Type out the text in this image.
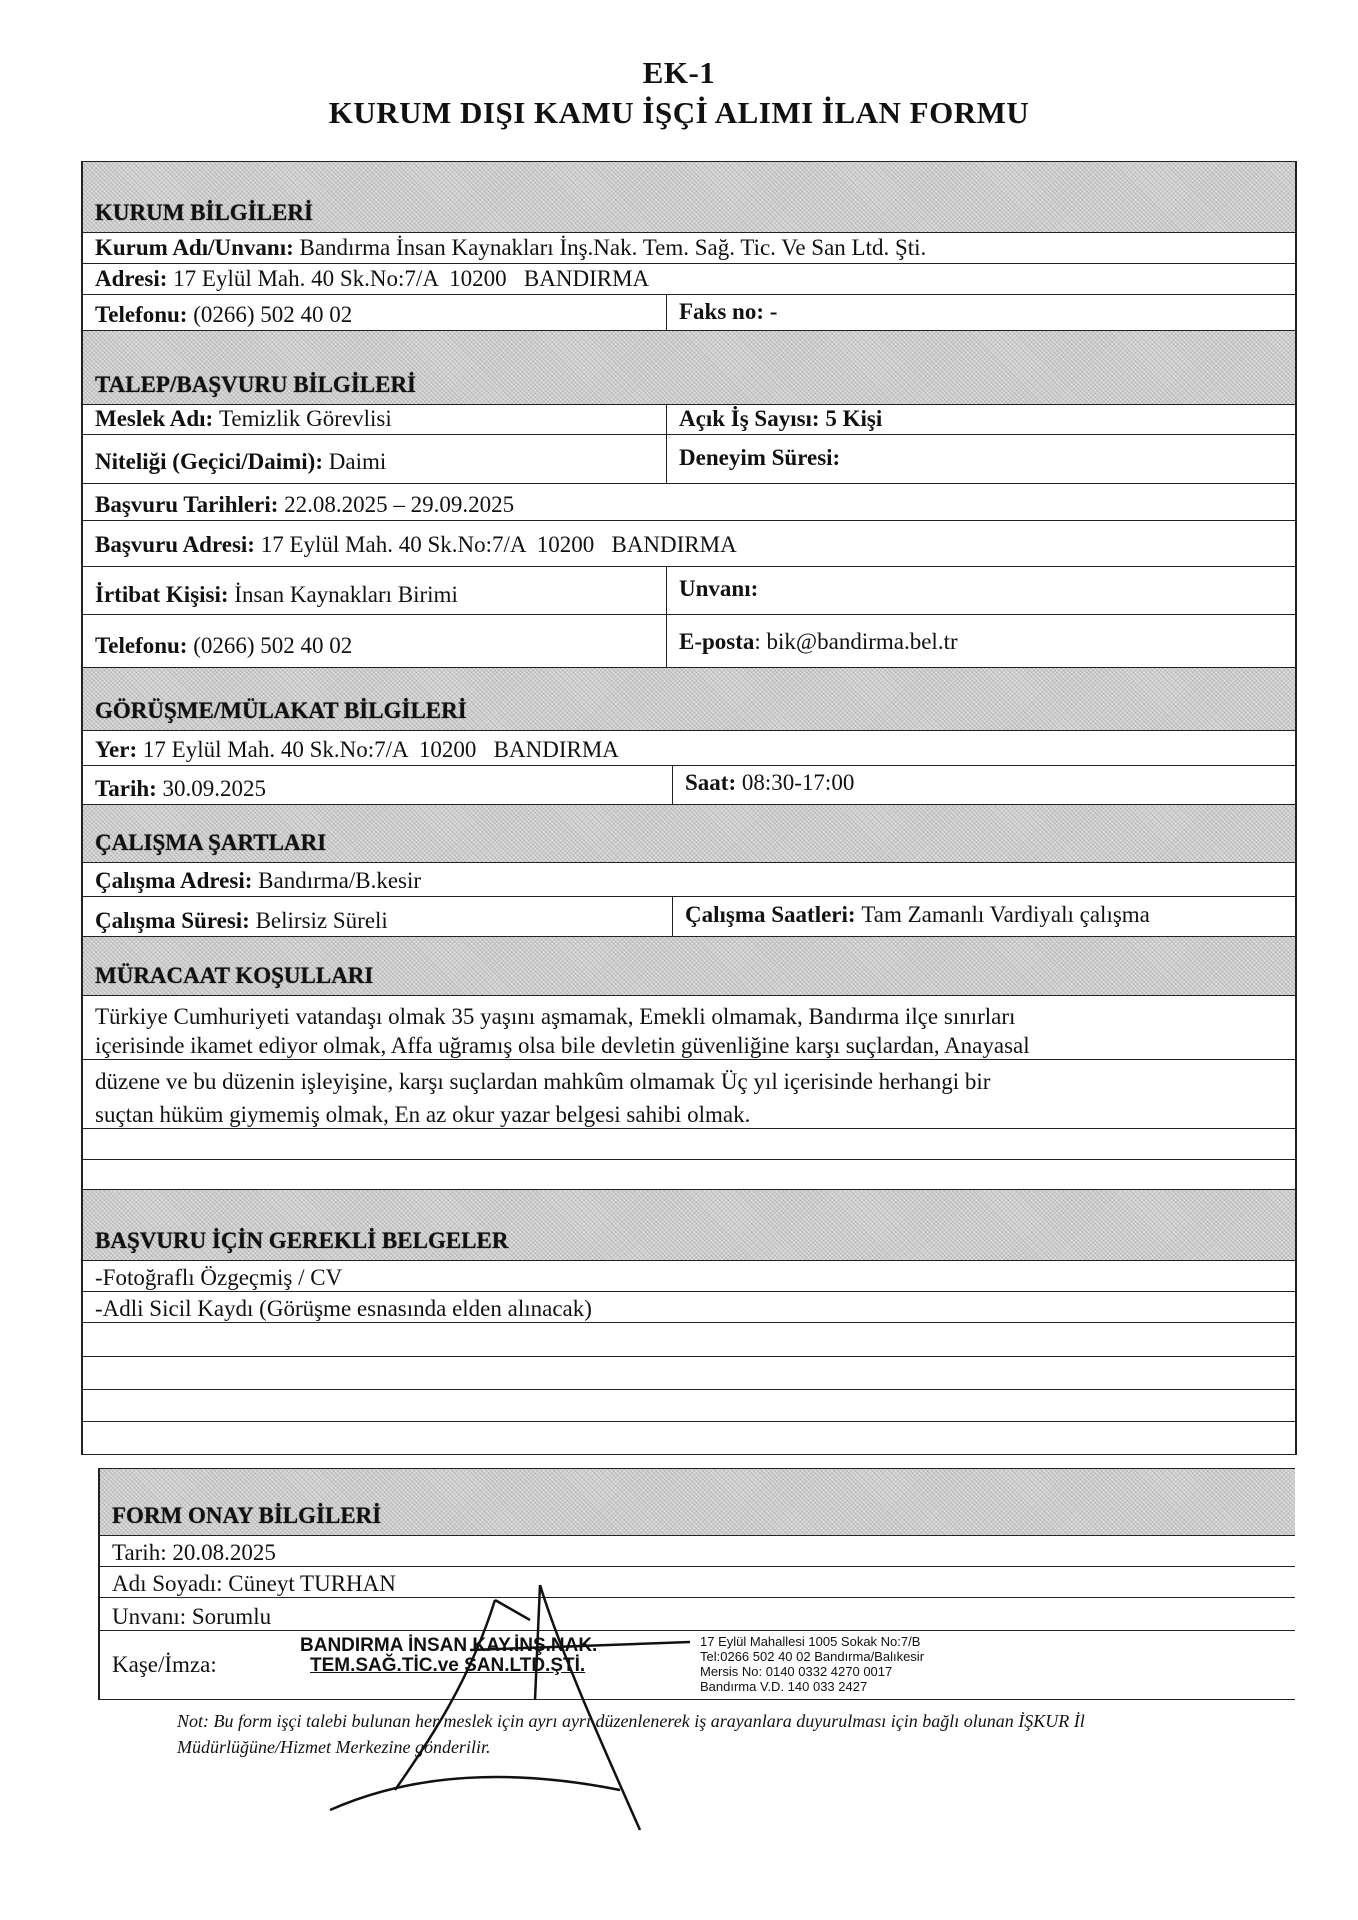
EK-1
KURUM DIŞI KAMU İŞÇİ ALIMI İLAN FORMU
KURUM BİLGİLERİ
Kurum Adı/Unvanı:
Bandırma İnsan Kaynakları İnş.Nak. Tem. Sağ. Tic. Ve San Ltd. Şti.
Adresi:
17 Eylül Mah. 40 Sk.No:7/A  10200   BANDIRMA
Telefonu:
(0266) 502 40 02	Faks no:
-
TALEP/BAŞVURU BİLGİLERİ
Meslek Adı:
Temizlik Görevlisi	Açık İş Sayısı:
5 Kişi
Niteliği (Geçici/Daimi):
Daimi	Deneyim Süresi:
Başvuru Tarihleri:
22.08.2025 – 29.09.2025
Başvuru Adresi:
17 Eylül Mah. 40 Sk.No:7/A  10200   BANDIRMA
İrtibat Kişisi:
İnsan Kaynakları Birimi	Unvanı:
Telefonu:
(0266) 502 40 02	E-posta : bik@bandirma.bel.tr
GÖRÜŞME/MÜLAKAT BİLGİLERİ
Yer:
17 Eylül Mah. 40 Sk.No:7/A  10200   BANDIRMA
Tarih:
30.09.2025	Saat:
08:30-17:00
ÇALIŞMA ŞARTLARI
Çalışma Adresi:
Bandırma/B.kesir
Çalışma Süresi:
Belirsiz Süreli	Çalışma Saatleri:
Tam Zamanlı Vardiyalı çalışma
MÜRACAAT KOŞULLARI
Türkiye Cumhuriyeti vatandaşı olmak 35 yaşını aşmamak, Emekli olmamak, Bandırma ilçe sınırları
içerisinde ikamet ediyor olmak, Affa uğramış olsa bile devletin güvenliğine karşı suçlardan, Anayasal
düzene ve bu düzenin işleyişine, karşı suçlardan mahkûm olmamak Üç yıl içerisinde herhangi bir
suçtan hüküm giymemiş olmak, En az okur yazar belgesi sahibi olmak.
BAŞVURU İÇİN GEREKLİ BELGELER
-Fotoğraflı Özgeçmiş / CV
-Adli Sicil Kaydı (Görüşme esnasında elden alınacak)
FORM ONAY BİLGİLERİ
Tarih: 20.08.2025
Adı Soyadı: Cüneyt TURHAN
Unvanı: Sorumlu
Kaşe/İmza:
Not: Bu form işçi talebi bulunan her meslek için ayrı ayrı düzenlenerek iş arayanlara duyurulması için bağlı olunan İŞKUR İl Müdürlüğüne/Hizmet Merkezine gönderilir.
BANDIRMA İNSAN KAY.İNŞ.NAK.
TEM.SAĞ.TİC.ve SAN.LTD.ŞTİ.
17 Eylül Mahallesi 1005 Sokak No:7/B
Tel:0266 502 40 02 Bandırma/Balıkesir
Mersis No: 0140 0332 4270 0017
Bandırma V.D. 140 033 2427
